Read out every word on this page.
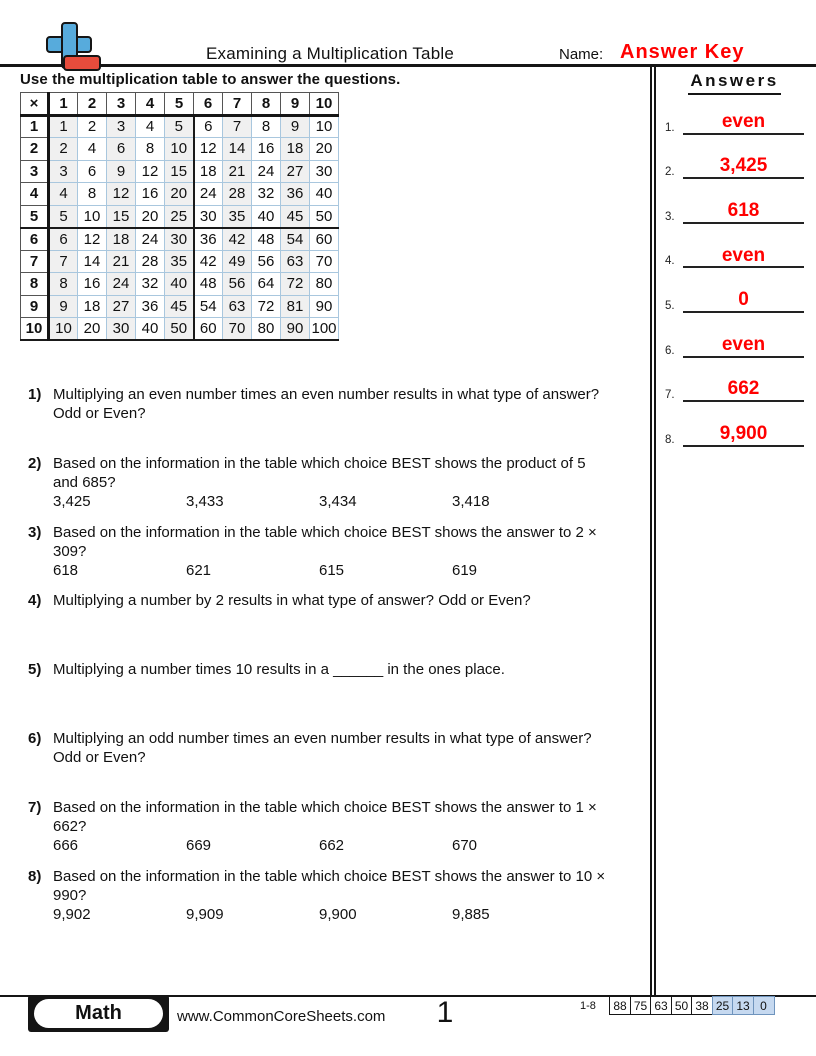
Examining a Multiplication Table	Name: Answer Key
Use the multiplication table to answer the questions.
×	1	2	3	4	5	6	7	8	9	10
1	1	2	3	4	5	6	7	8	9	10
2	2	4	6	8	10	12	14	16	18	20
3	3	6	9	12	15	18	21	24	27	30
4	4	8	12	16	20	24	28	32	36	40
5	5	10	15	20	25	30	35	40	45	50
6	6	12	18	24	30	36	42	48	54	60
7	7	14	21	28	35	42	49	56	63	70
8	8	16	24	32	40	48	56	64	72	80
9	9	18	27	36	45	54	63	72	81	90
10	10	20	30	40	50	60	70	80	90	100
1) Multiplying an even number times an even number results in what type of answer?
Odd or Even?
2) Based on the information in the table which choice BEST shows the product of 5
and 685?
3,425	3,433	3,434	3,418
3) Based on the information in the table which choice BEST shows the answer to 2 ×
309?
618	621	615	619
4) Multiplying a number by 2 results in what type of answer? Odd or Even?
5) Multiplying a number times 10 results in a ______ in the ones place.
6) Multiplying an odd number times an even number results in what type of answer?
Odd or Even?
7) Based on the information in the table which choice BEST shows the answer to 1 ×
662?
666	669	662	670
8) Based on the information in the table which choice BEST shows the answer to 10 ×
990?
9,902	9,909	9,900	9,885
Answers
1.	even
2.	3,425
3.	618
4.	even
5.	0
6.	even
7.	662
8.	9,900
Math	www.CommonCoreSheets.com	1	1-8	88 75 63 50 38 25 13 0
